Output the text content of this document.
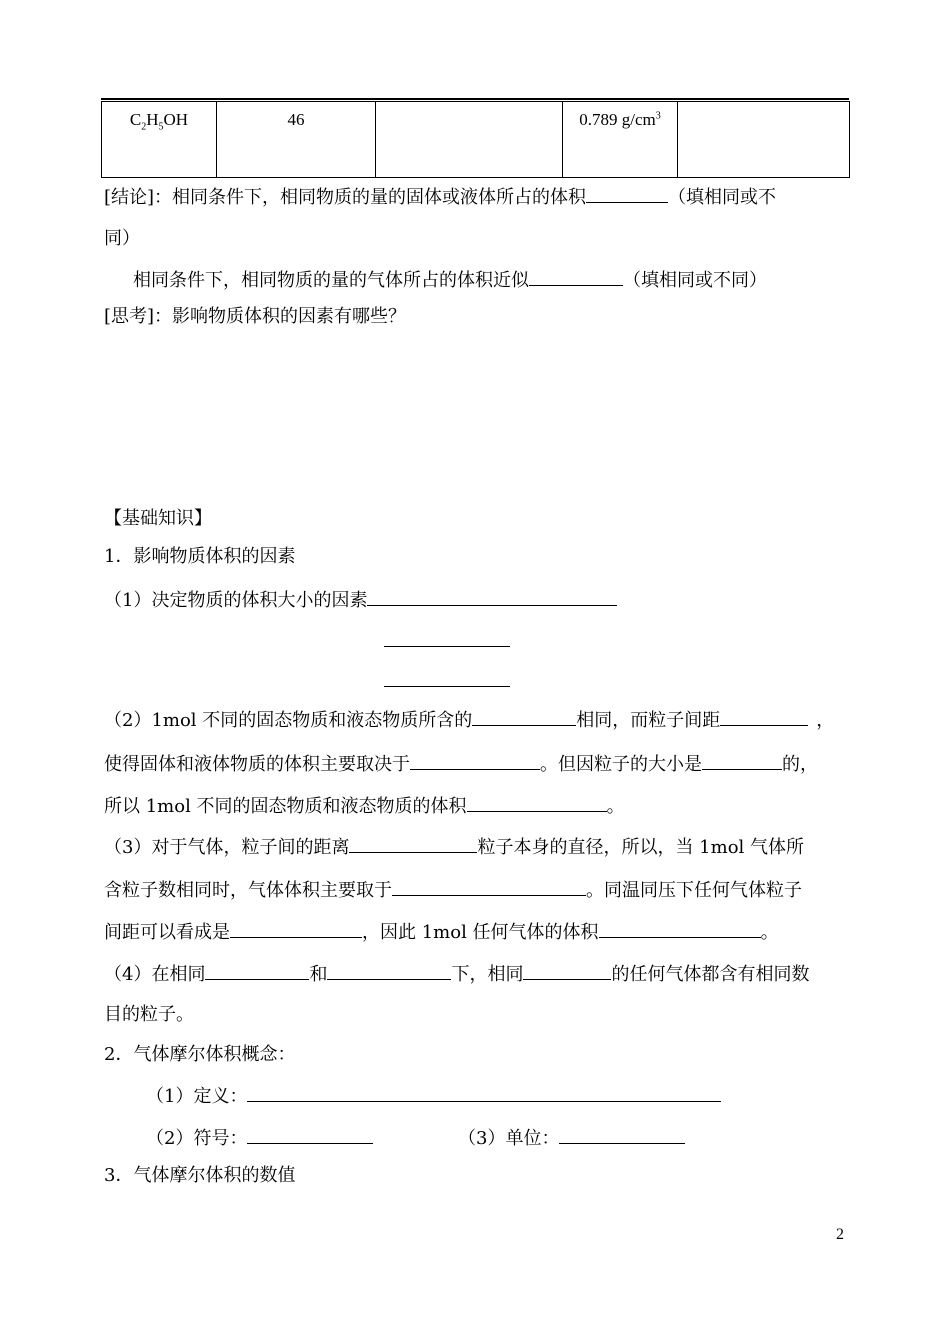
$C_2H_5OH$	46		0.789 $g/cm^3$	
[结论]：相同条件下，相同物质的量的固体或液体所占的体积	（填相同或不
同）
相同条件下，相同物质的量的气体所占的体积近似	（填相同或不同）
[思考]：影响物质体积的因素有哪些？
【基础知识】
1．影响物质体积的因素
（1）决定物质的体积大小的因素
（2）1mol 不同的固态物质和液态物质所含的	相同，而粒子间距	，
使得固体和液体物质的体积主要取决于	。但因粒子的大小是	的，
所以 1mol 不同的固态物质和液态物质的体积	。
（3）对于气体，粒子间的距离	粒子本身的直径，所以，当 1mol 气体所
含粒子数相同时，气体体积主要取于	。同温同压下任何气体粒子
间距可以看成是	，因此 1mol 任何气体的体积	。
（4）在相同	和	下，相同	的任何气体都含有相同数
目的粒子。
2．气体摩尔体积概念：
（1）定义：
（2）符号：	（3）单位：
3．气体摩尔体积的数值
2
